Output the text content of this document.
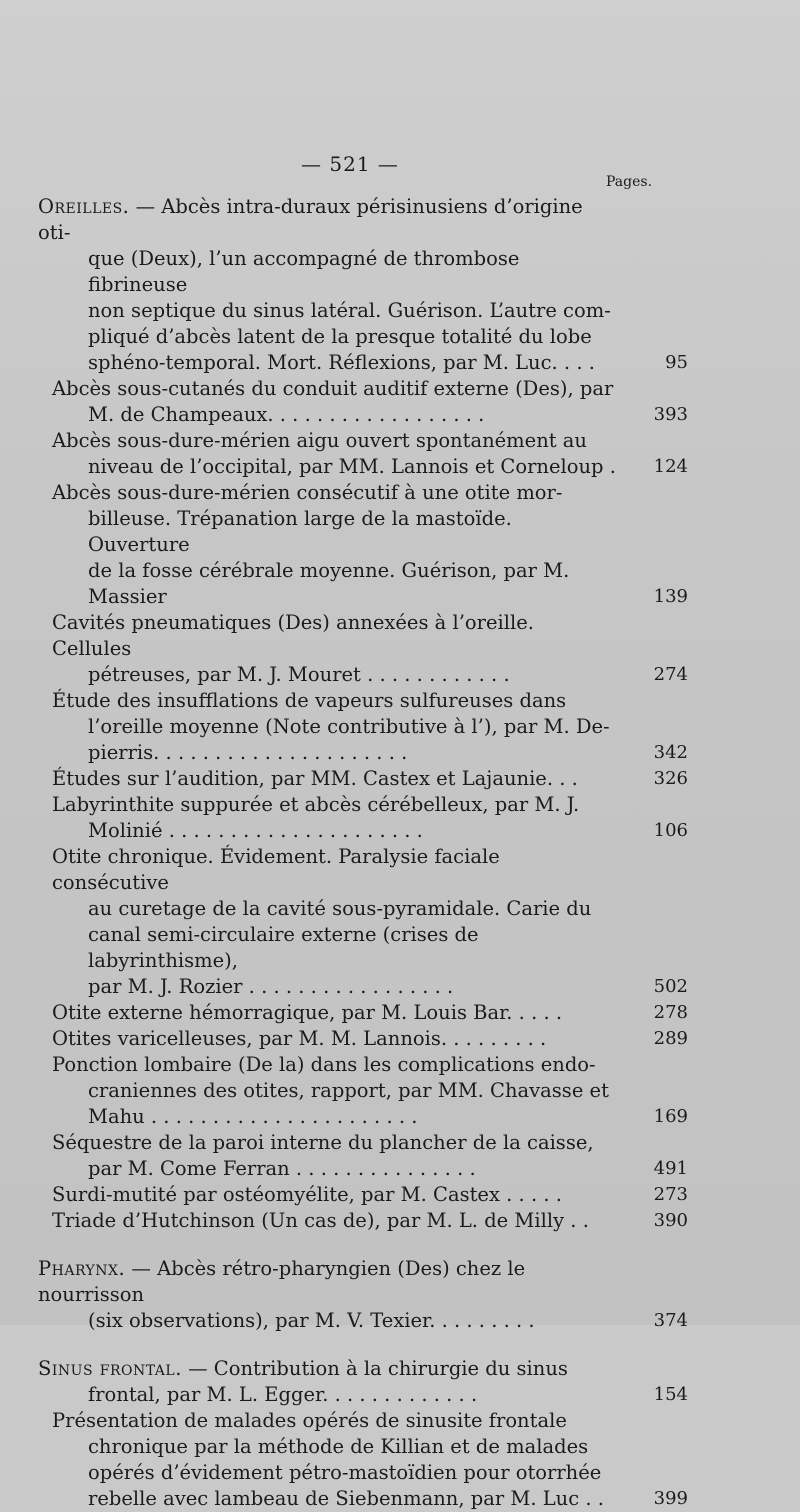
— 521 —
Pages.
Oreilles. — Abcès intra-duraux périsinusiens d’origine oti-
que (Deux), l’un accompagné de thrombose fibrineuse
non septique du sinus latéral. Guérison. L’autre com-
pliqué d’abcès latent de la presque totalité du lobe
sphéno-temporal. Mort. Réflexions, par M. Luc. . . .	95
Abcès sous-cutanés du conduit auditif externe (Des), par
M. de Champeaux. . . . . . . . . . . . . . . . . .	393
Abcès sous-dure-mérien aigu ouvert spontanément au
niveau de l’occipital, par MM. Lannois et Corneloup .	124
Abcès sous-dure-mérien consécutif à une otite mor-
billeuse. Trépanation large de la mastoïde. Ouverture
de la fosse cérébrale moyenne. Guérison, par M. Massier	139
Cavités pneumatiques (Des) annexées à l’oreille. Cellules
pétreuses, par M. J. Mouret . . . . . . . . . . . .	274
Étude des insufflations de vapeurs sulfureuses dans
l’oreille moyenne (Note contributive à l’), par M. De-
pierris. . . . . . . . . . . . . . . . . . . . .	342
Études sur l’audition, par MM. Castex et Lajaunie. . .	326
Labyrinthite suppurée et abcès cérébelleux, par M. J.
Molinié . . . . . . . . . . . . . . . . . . . . .	106
Otite chronique. Évidement. Paralysie faciale consécutive
au curetage de la cavité sous-pyramidale. Carie du
canal semi-circulaire externe (crises de labyrinthisme),
par M. J. Rozier . . . . . . . . . . . . . . . . .	502
Otite externe hémorragique, par M. Louis Bar. . . . .	278
Otites varicelleuses, par M. M. Lannois. . . . . . . . .	289
Ponction lombaire (De la) dans les complications endo-
craniennes des otites, rapport, par MM. Chavasse et
Mahu . . . . . . . . . . . . . . . . . . . . . .	169
Séquestre de la paroi interne du plancher de la caisse,
par M. Come Ferran . . . . . . . . . . . . . . .	491
Surdi-mutité par ostéomyélite, par M. Castex . . . . .	273
Triade d’Hutchinson (Un cas de), par M. L. de Milly . .	390
Pharynx. — Abcès rétro-pharyngien (Des) chez le nourrisson
(six observations), par M. V. Texier. . . . . . . . .	374
Sinus frontal. — Contribution à la chirurgie du sinus
frontal, par M. L. Egger. . . . . . . . . . . . .	154
Présentation de malades opérés de sinusite frontale
chronique par la méthode de Killian et de malades
opérés d’évidement pétro-mastoïdien pour otorrhée
rebelle avec lambeau de Siebenmann, par M. Luc . .	399
